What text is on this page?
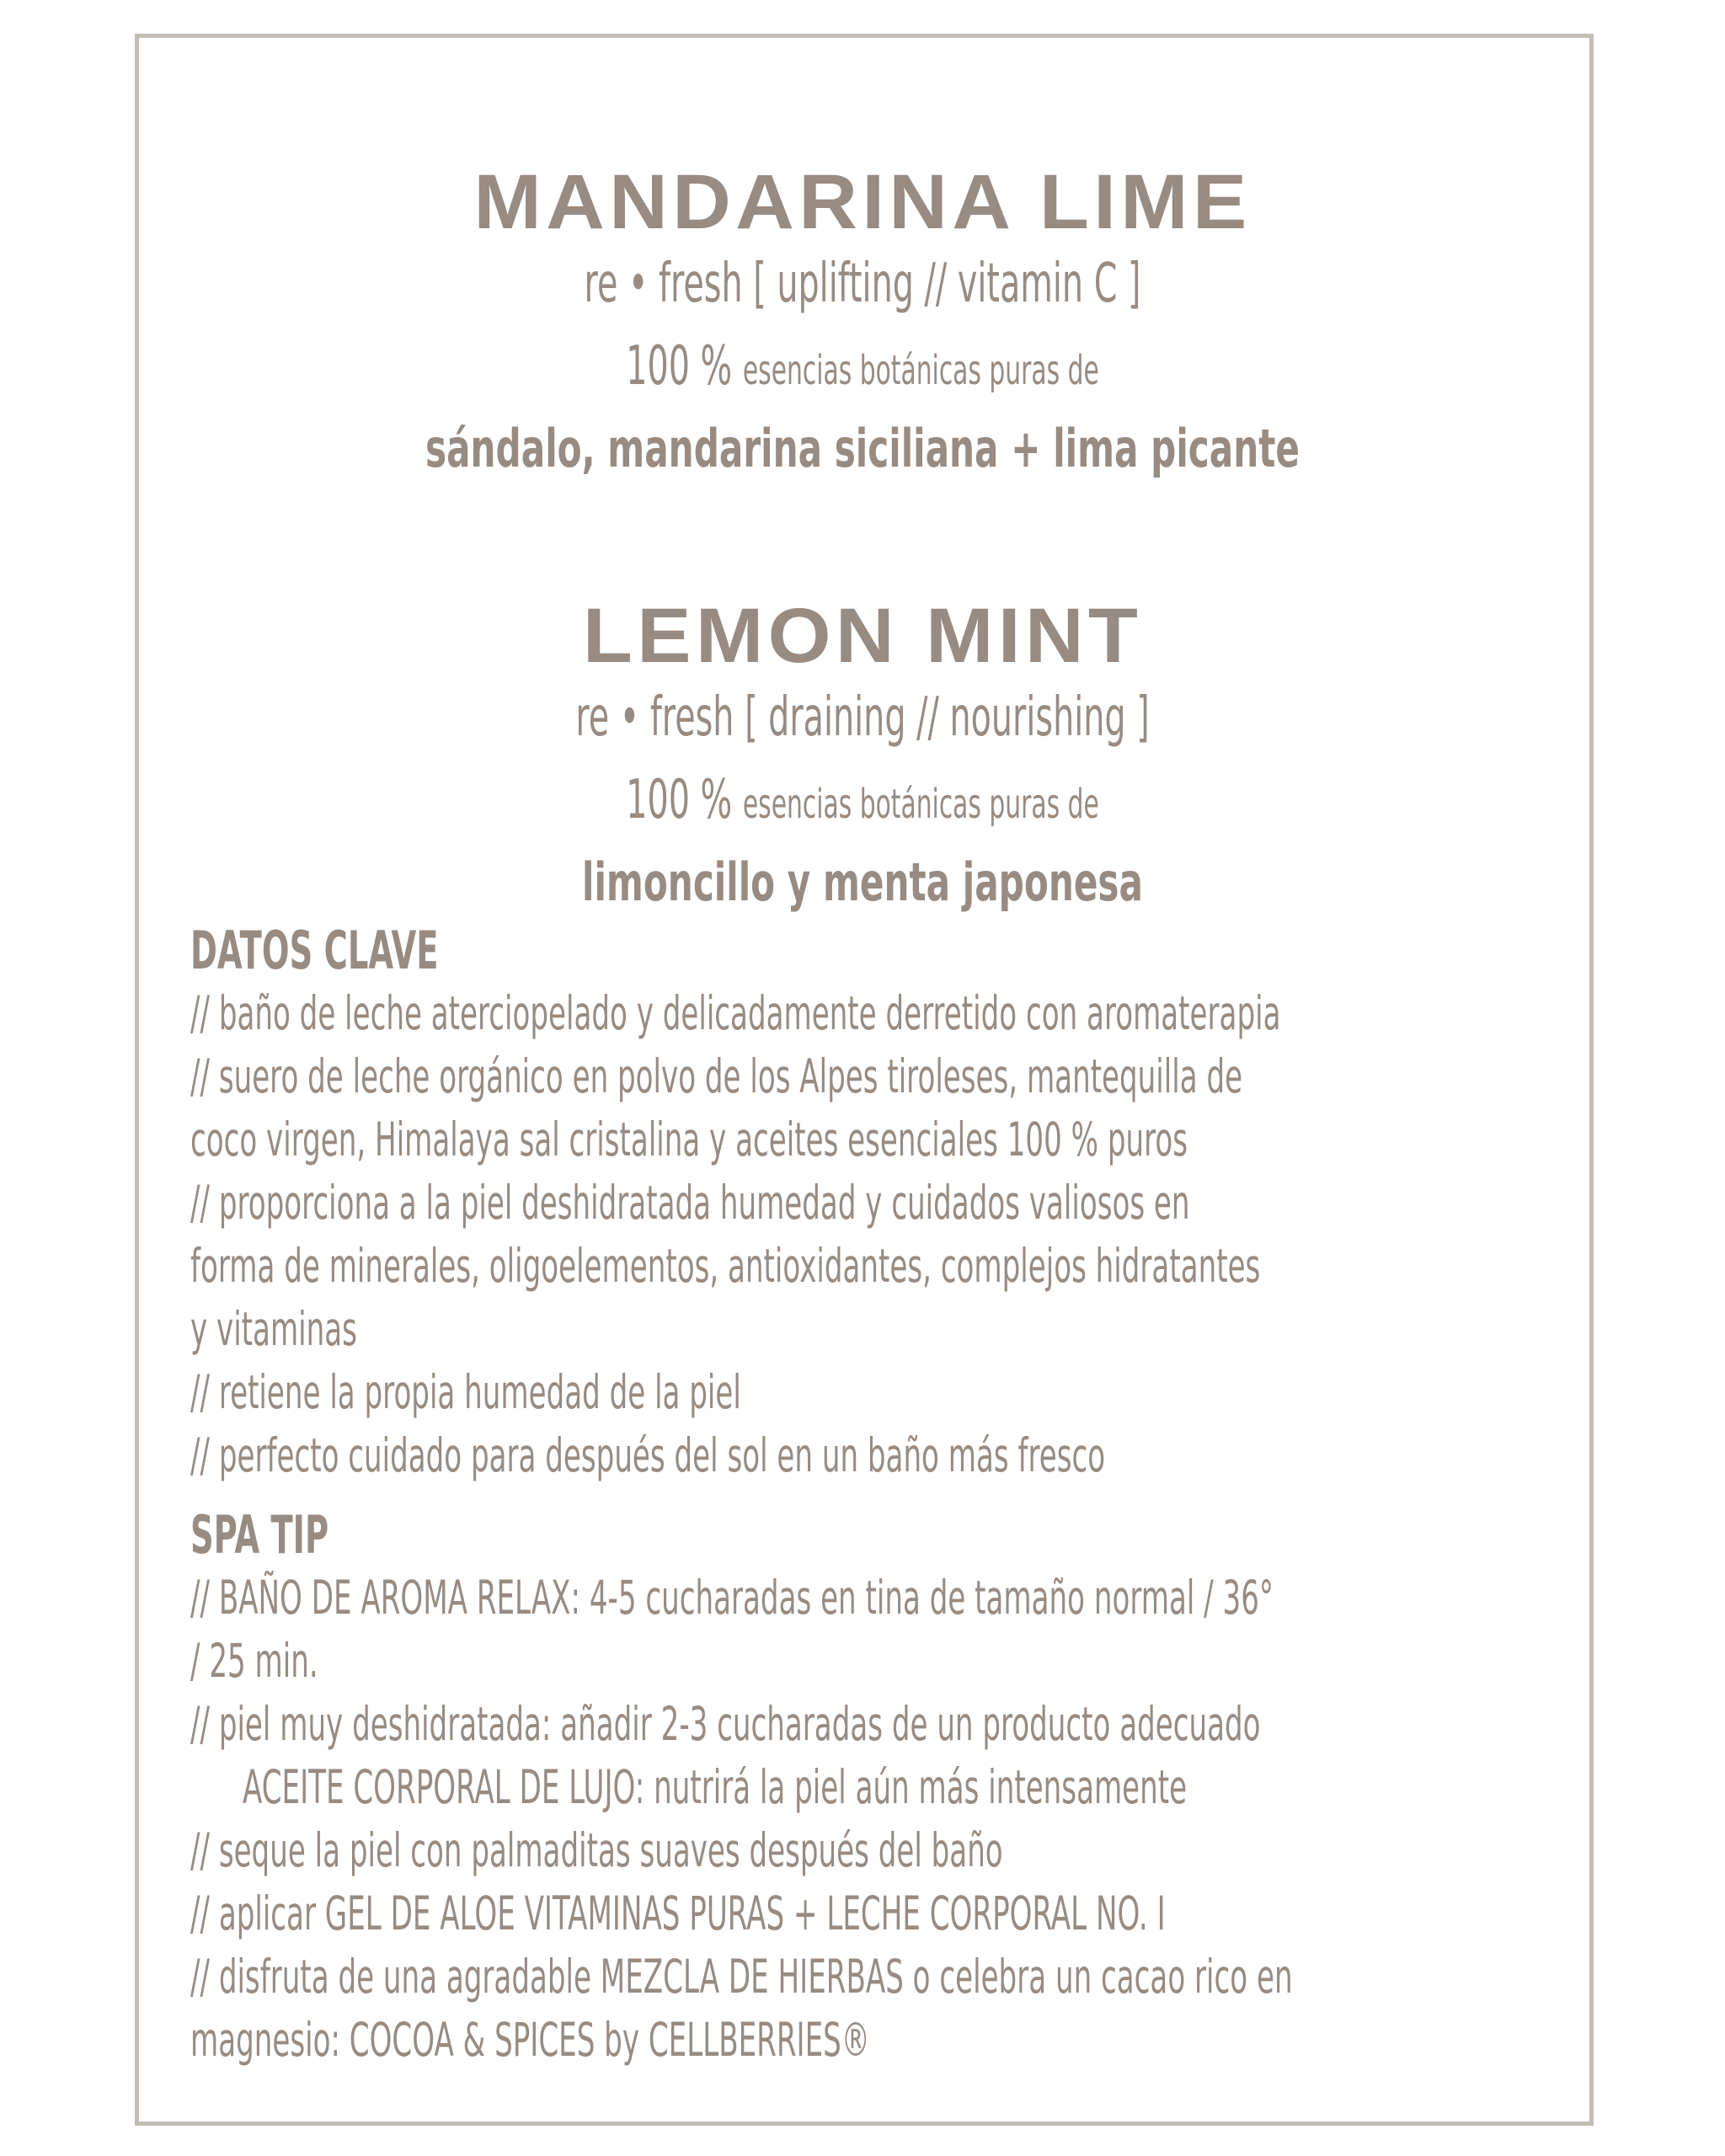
MANDARINA LIME
re • fresh [ uplifting // vitamin C ]
100 % esencias botánicas puras de
sándalo, mandarina siciliana + lima picante
LEMON MINT
re • fresh [ draining // nourishing ]
100 % esencias botánicas puras de
limoncillo y menta japonesa
DATOS CLAVE
// baño de leche aterciopelado y delicadamente derretido con aromaterapia
// suero de leche orgánico en polvo de los Alpes tiroleses, mantequilla de
coco virgen, Himalaya sal cristalina y aceites esenciales 100 % puros
// proporciona a la piel deshidratada humedad y cuidados valiosos en
forma de minerales, oligoelementos, antioxidantes, complejos hidratantes
y vitaminas
// retiene la propia humedad de la piel
// perfecto cuidado para después del sol en un baño más fresco
SPA TIP
// BAÑO DE AROMA RELAX: 4-5 cucharadas en tina de tamaño normal / 36°
/ 25 min.
// piel muy deshidratada: añadir 2-3 cucharadas de un producto adecuado
ACEITE CORPORAL DE LUJO: nutrirá la piel aún más intensamente
// seque la piel con palmaditas suaves después del baño
// aplicar GEL DE ALOE VITAMINAS PURAS + LECHE CORPORAL NO. I
// disfruta de una agradable MEZCLA DE HIERBAS o celebra un cacao rico en
magnesio: COCOA & SPICES by CELLBERRIES®
